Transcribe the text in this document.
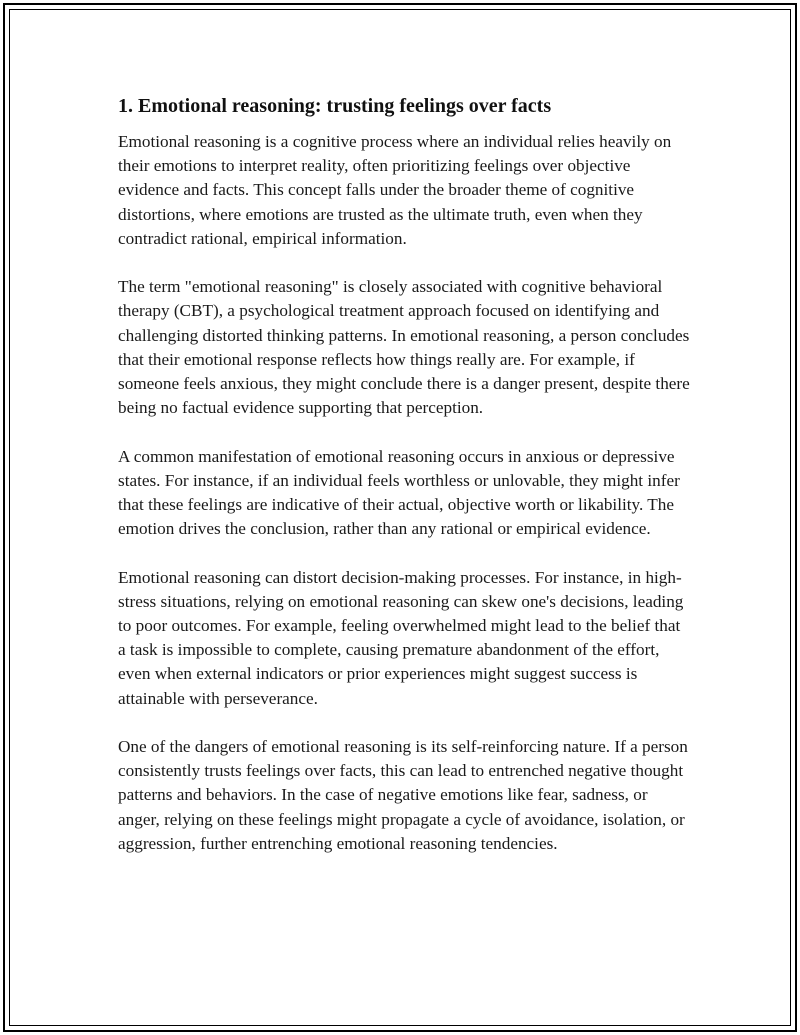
1. Emotional reasoning: trusting feelings over facts

Emotional reasoning is a cognitive process where an individual relies heavily on their emotions to interpret reality, often prioritizing feelings over objective evidence and facts. This concept falls under the broader theme of cognitive distortions, where emotions are trusted as the ultimate truth, even when they contradict rational, empirical information.

The term "emotional reasoning" is closely associated with cognitive behavioral therapy (CBT), a psychological treatment approach focused on identifying and challenging distorted thinking patterns. In emotional reasoning, a person concludes that their emotional response reflects how things really are. For example, if someone feels anxious, they might conclude there is a danger present, despite there being no factual evidence supporting that perception.

A common manifestation of emotional reasoning occurs in anxious or depressive states. For instance, if an individual feels worthless or unlovable, they might infer that these feelings are indicative of their actual, objective worth or likability. The emotion drives the conclusion, rather than any rational or empirical evidence.

Emotional reasoning can distort decision-making processes. For instance, in high-stress situations, relying on emotional reasoning can skew one's decisions, leading to poor outcomes. For example, feeling overwhelmed might lead to the belief that a task is impossible to complete, causing premature abandonment of the effort, even when external indicators or prior experiences might suggest success is attainable with perseverance.

One of the dangers of emotional reasoning is its self-reinforcing nature. If a person consistently trusts feelings over facts, this can lead to entrenched negative thought patterns and behaviors. In the case of negative emotions like fear, sadness, or anger, relying on these feelings might propagate a cycle of avoidance, isolation, or aggression, further entrenching emotional reasoning tendencies.
